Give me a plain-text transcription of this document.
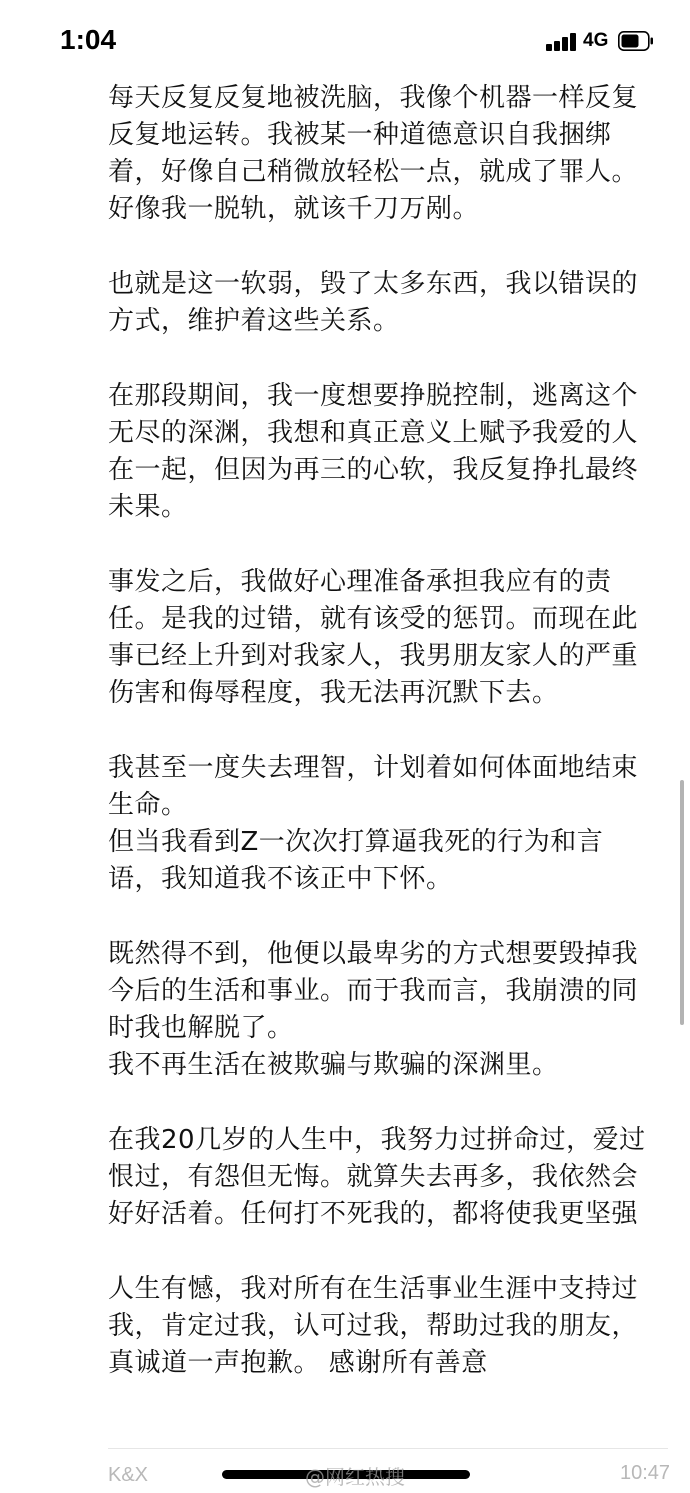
1:04	4G
每天反复反复地被洗脑，我像个机器一样反复
反复地运转。我被某一种道德意识自我捆绑
着，好像自己稍微放轻松一点，就成了罪人。
好像我一脱轨，就该千刀万剐。
也就是这一软弱，毁了太多东西，我以错误的
方式，维护着这些关系。
在那段期间，我一度想要挣脱控制，逃离这个
无尽的深渊，我想和真正意义上赋予我爱的人
在一起，但因为再三的心软，我反复挣扎最终
未果。
事发之后，我做好心理准备承担我应有的责
任。是我的过错，就有该受的惩罚。而现在此
事已经上升到对我家人，我男朋友家人的严重
伤害和侮辱程度，我无法再沉默下去。
我甚至一度失去理智，计划着如何体面地结束
生命。
但当我看到Z一次次打算逼我死的行为和言
语，我知道我不该正中下怀。
既然得不到，他便以最卑劣的方式想要毁掉我
今后的生活和事业。而于我而言，我崩溃的同
时我也解脱了。
我不再生活在被欺骗与欺骗的深渊里。
在我20几岁的人生中，我努力过拼命过，爱过
恨过，有怨但无悔。就算失去再多，我依然会
好好活着。任何打不死我的，都将使我更坚强
人生有憾，我对所有在生活事业生涯中支持过
我，肯定过我，认可过我，帮助过我的朋友，
真诚道一声抱歉。 感谢所有善意
K&X	@网红热搜	10:47
